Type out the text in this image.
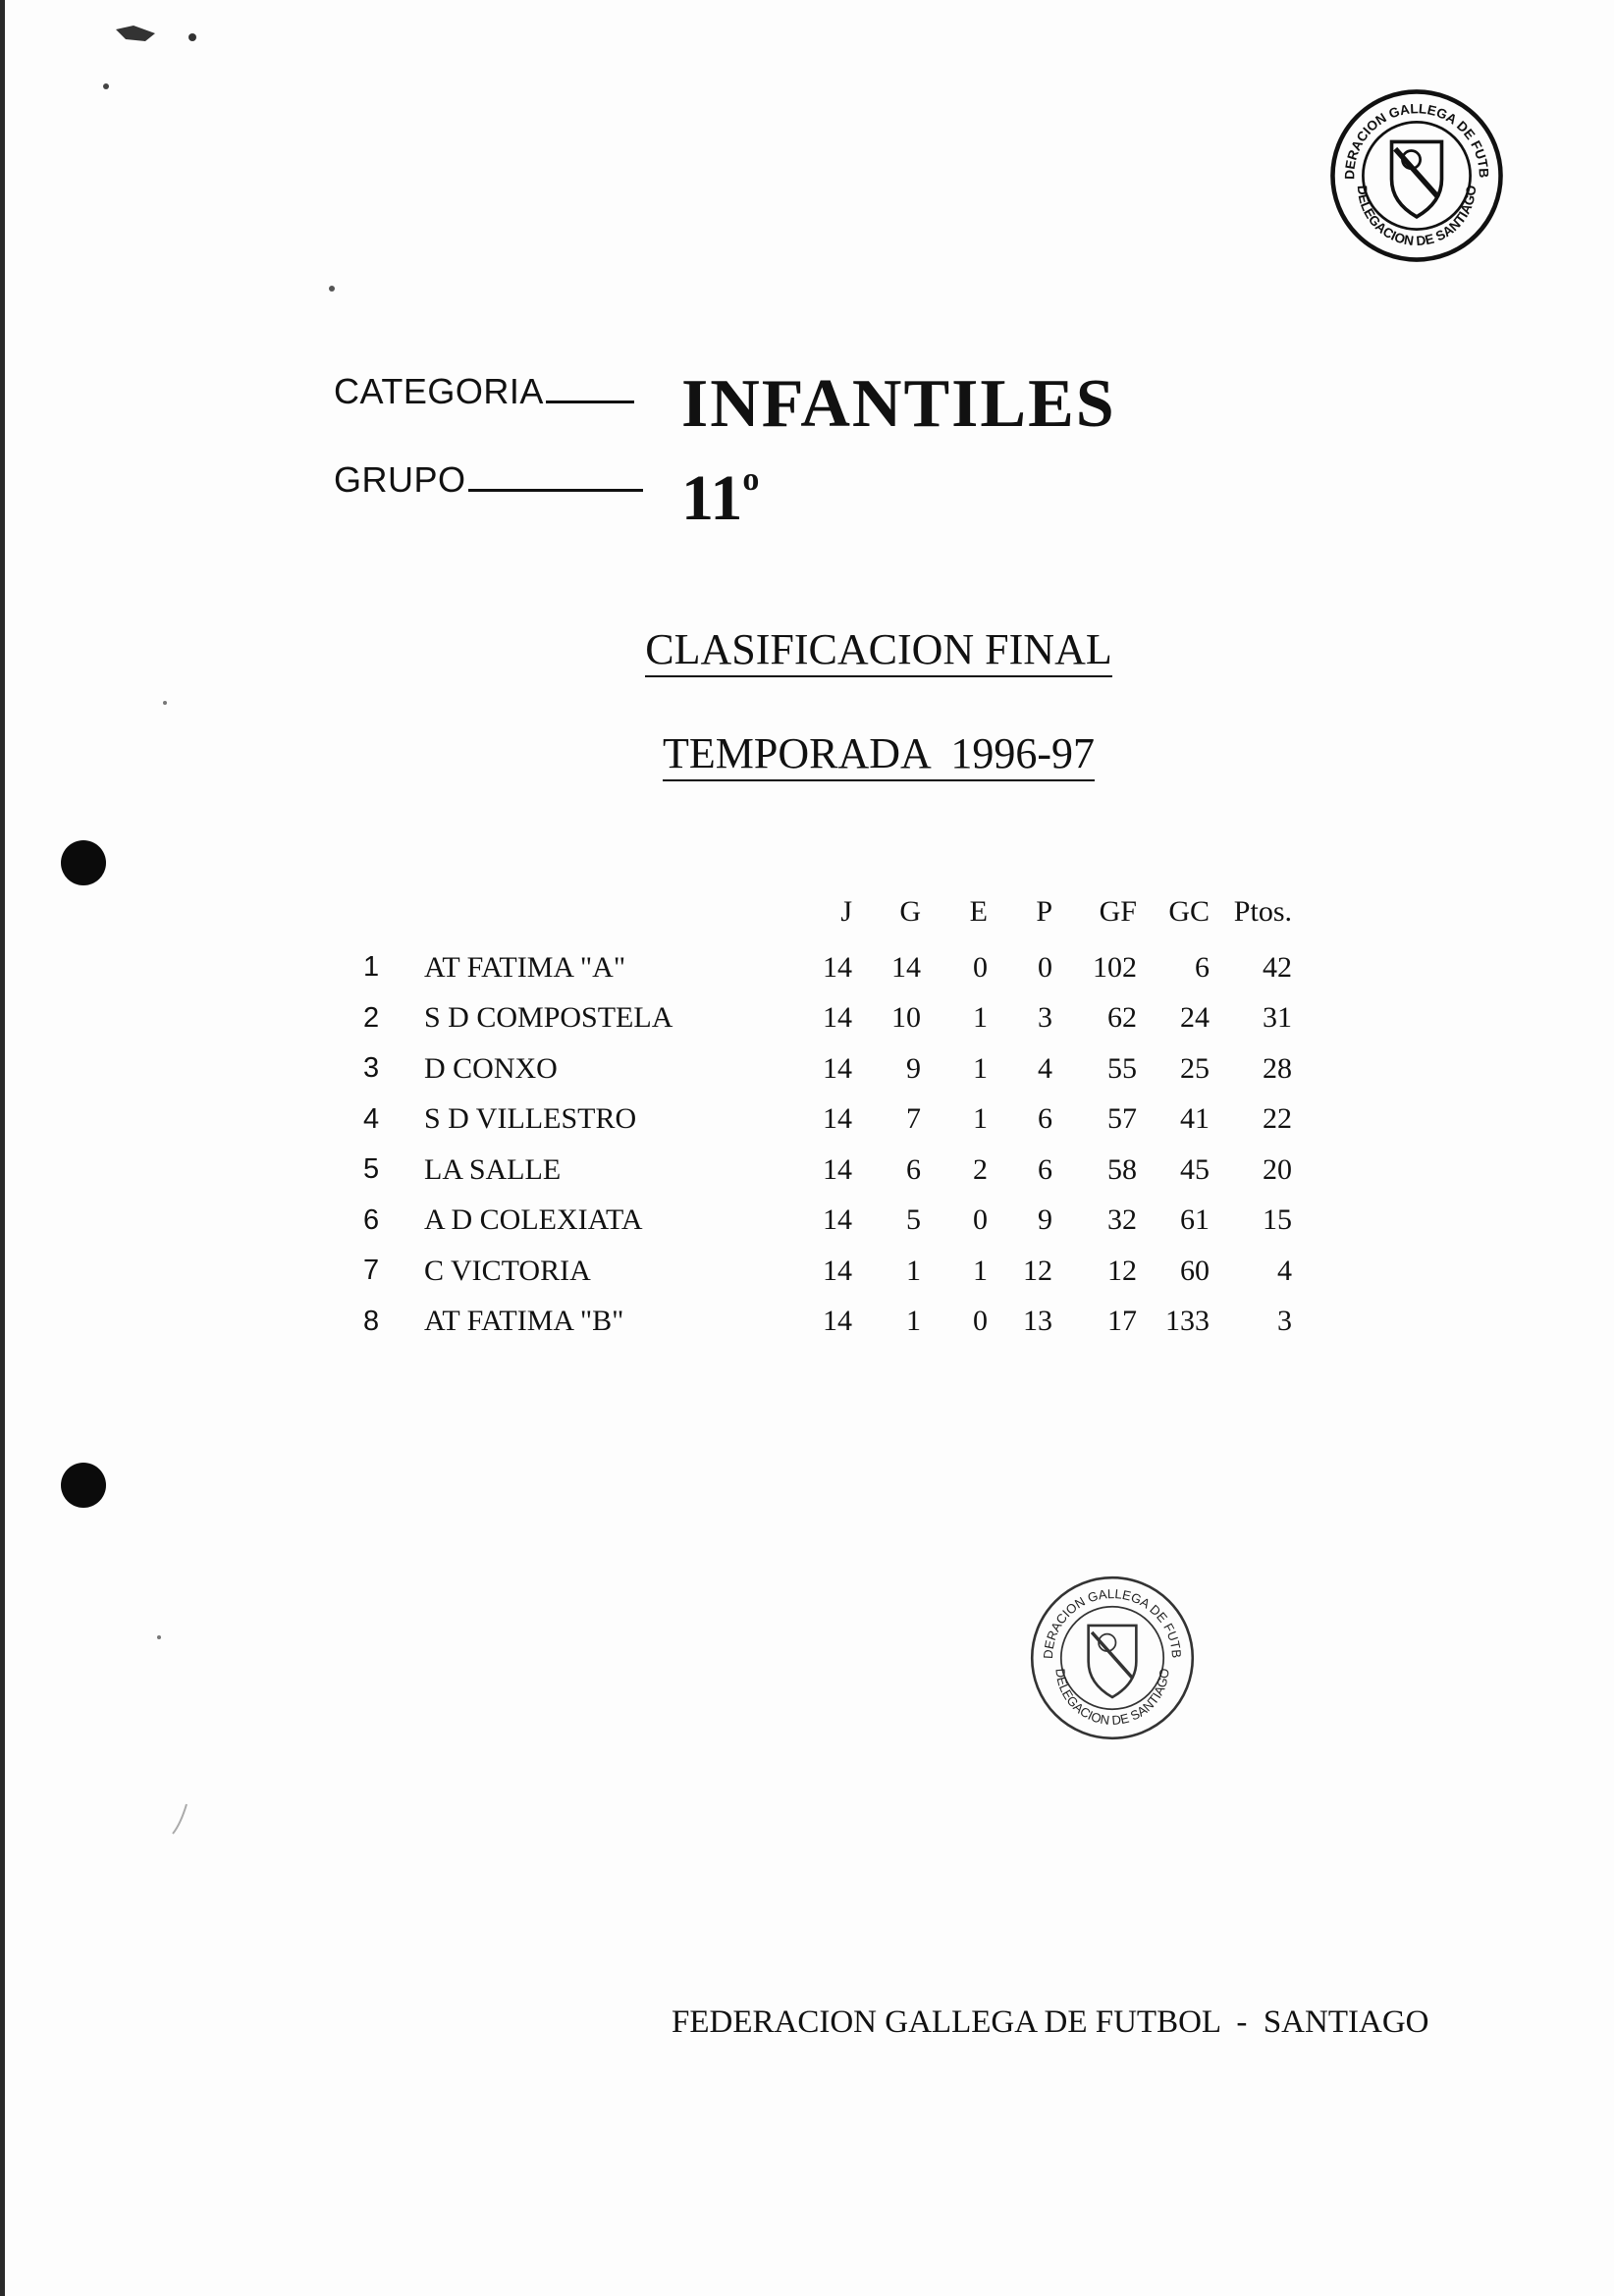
DERACION GALLEGA DE FUTB
DELEGACION DE SANTIAGO
DERACION GALLEGA DE FUTB
DELEGACION DE SANTIAGO
CATEGORIA	INFANTILES
GRUPO	11$^o$
CLASIFICACION FINAL
TEMPORADA  1996-97
		J	G	E	P	GF	GC	Ptos.
1	AT FATIMA "A"	14	14	0	0	102	6	42
2	S D COMPOSTELA	14	10	1	3	62	24	31
3	D CONXO	14	9	1	4	55	25	28
4	S D VILLESTRO	14	7	1	6	57	41	22
5	LA SALLE	14	6	2	6	58	45	20
6	A D COLEXIATA	14	5	0	9	32	61	15
7	C VICTORIA	14	1	1	12	12	60	4
8	AT FATIMA "B"	14	1	0	13	17	133	3
FEDERACION GALLEGA DE FUTBOL  -  SANTIAGO
